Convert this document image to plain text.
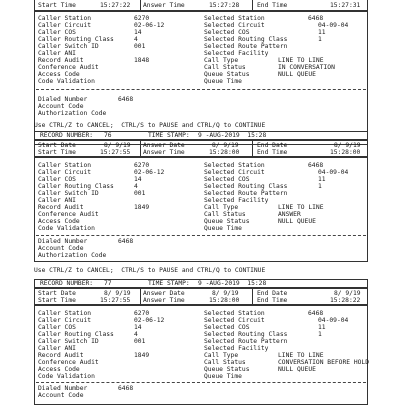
Start Time	15:27:22 Answer Time	15:27:28	End Time	15:27:31
Caller Station	6270	Selected Station	6468
Caller Circuit	02-06-12	Selected Circuit	04-09-04
Caller COS	14	Selected COS	11
Caller Routing Class	4	Selected Routing Class	1
Caller Switch ID	001	Selected Route Pattern
Caller ANI	Selected Facility
Record Audit	1848	Call Type	LINE TO LINE
Conference Audit	Call Status	IN CONVERSATION
Access Code	Queue Status	NULL QUEUE
Code Validation	Queue Time
Dialed Number	6468
Account Code
Authorization Code
Use CTRL/Z to CANCEL;  CTRL/S to PAUSE and CTRL/Q to CONTINUE
RECORD NUMBER: 76	TIME STAMP: 9 -AUG-2019  15:28
Start Date	8/ 9/19 Answer Date	8/ 9/19	End Date	8/ 9/19
Start Time	15:27:55 Answer Time	15:28:00	End Time	15:28:00
Caller Station	6270	Selected Station	6468
Caller Circuit	02-06-12	Selected Circuit	04-09-04
Caller COS	14	Selected COS	11
Caller Routing Class	4	Selected Routing Class	1
Caller Switch ID	001	Selected Route Pattern
Caller ANI	Selected Facility
Record Audit	1849	Call Type	LINE TO LINE
Conference Audit	Call Status	ANSWER
Access Code	Queue Status	NULL QUEUE
Code Validation	Queue Time
Dialed Number	6468
Account Code
Authorization Code
Use CTRL/Z to CANCEL;  CTRL/S to PAUSE and CTRL/Q to CONTINUE
RECORD NUMBER: 77	TIME STAMP: 9 -AUG-2019  15:28
Start Date	8/ 9/19 Answer Date	8/ 9/19	End Date	8/ 9/19
Start Time	15:27:55 Answer Time	15:28:00	End Time	15:28:22
Caller Station	6270	Selected Station	6468
Caller Circuit	02-06-12	Selected Circuit	04-09-04
Caller COS	14	Selected COS	11
Caller Routing Class	4	Selected Routing Class	1
Caller Switch ID	001	Selected Route Pattern
Caller ANI	Selected Facility
Record Audit	1849	Call Type	LINE TO LINE
Conference Audit	Call Status	CONVERSATION BEFORE HOLD
Access Code	Queue Status	NULL QUEUE
Code Validation	Queue Time
Dialed Number	6468
Account Code
